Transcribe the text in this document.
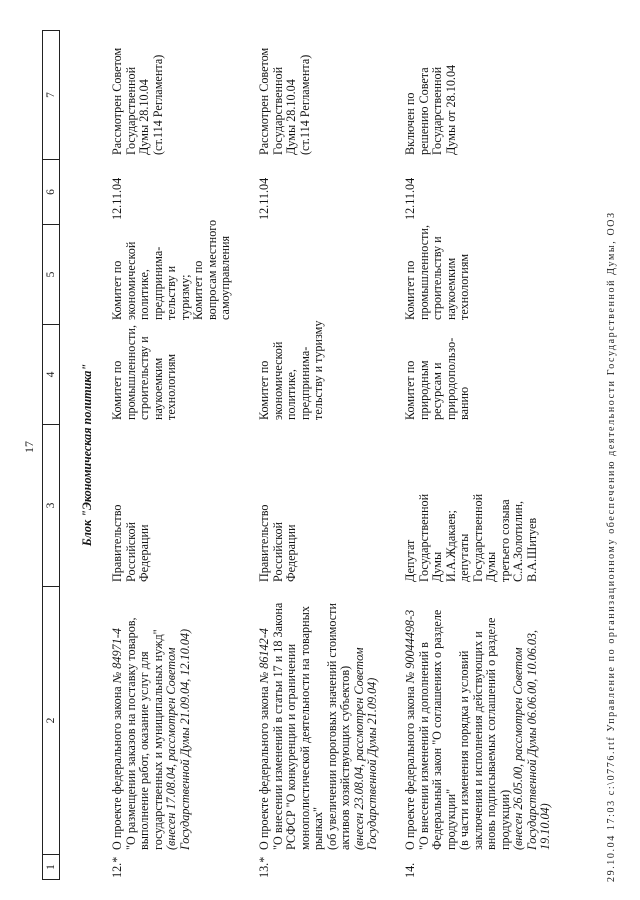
17
1
2
3
4
5
6
7
Блок "Экономическая политика"
12.*
О проекте федерального закона № 84971-4 "О размещении заказов на поставку товаров, выполнение работ, оказание услуг для государственных и муниципальных нужд" (внесен 17.08.04, рассмотрен Советом Государственной Думы 21.09.04, 12.10.04)
Правительство Российской Федерации
Комитет по промышленности, строительству и наукоемким технологиям
Комитет по экономической политике, предпринима- тельству и туризму; Комитет по вопросам местного самоуправления
12.11.04
Рассмотрен Советом Государственной Думы 28.10.04 (ст.114 Регламента)
13.*
О проекте федерального закона № 86142-4 "О внесении изменений в статьи 17 и 18 Закона РСФСР "О конкуренции и ограничении монополистической деятельности на товарных рынках" (об увеличении пороговых значений стоимости активов хозяйствующих субъектов) (внесен 23.08.04, рассмотрен Советом Государственной Думы 21.09.04)
Правительство Российской Федерации
Комитет по экономической политике, предпринима- тельству и туризму
12.11.04
Рассмотрен Советом Государственной Думы 28.10.04 (ст.114 Регламента)
14.
О проекте федерального закона № 90044498-3 "О внесении изменений и дополнений в Федеральный закон "О соглашениях о разделе продукции" (в части изменения порядка и условий заключения и исполнения действующих и вновь подписываемых соглашений о разделе продукции) (внесен 26.05.00, рассмотрен Советом Государственной Думы 06.06.00, 10.06.03, 19.10.04)
Депутат Государственной Думы И.А.Ждакаев; депутаты Государственной Думы третьего созыва С.А.Золотилин, В.А.Шитуев
Комитет по природным ресурсам и природопользо- ванию
Комитет по промышленности, строительству и наукоемким технологиям
12.11.04
Включен по решению Совета Государственной Думы от 28.10.04
29.10.04 17:03 c:\0776.rtf Управление по организационному обеспечению деятельности Государственной Думы, ООЗ
